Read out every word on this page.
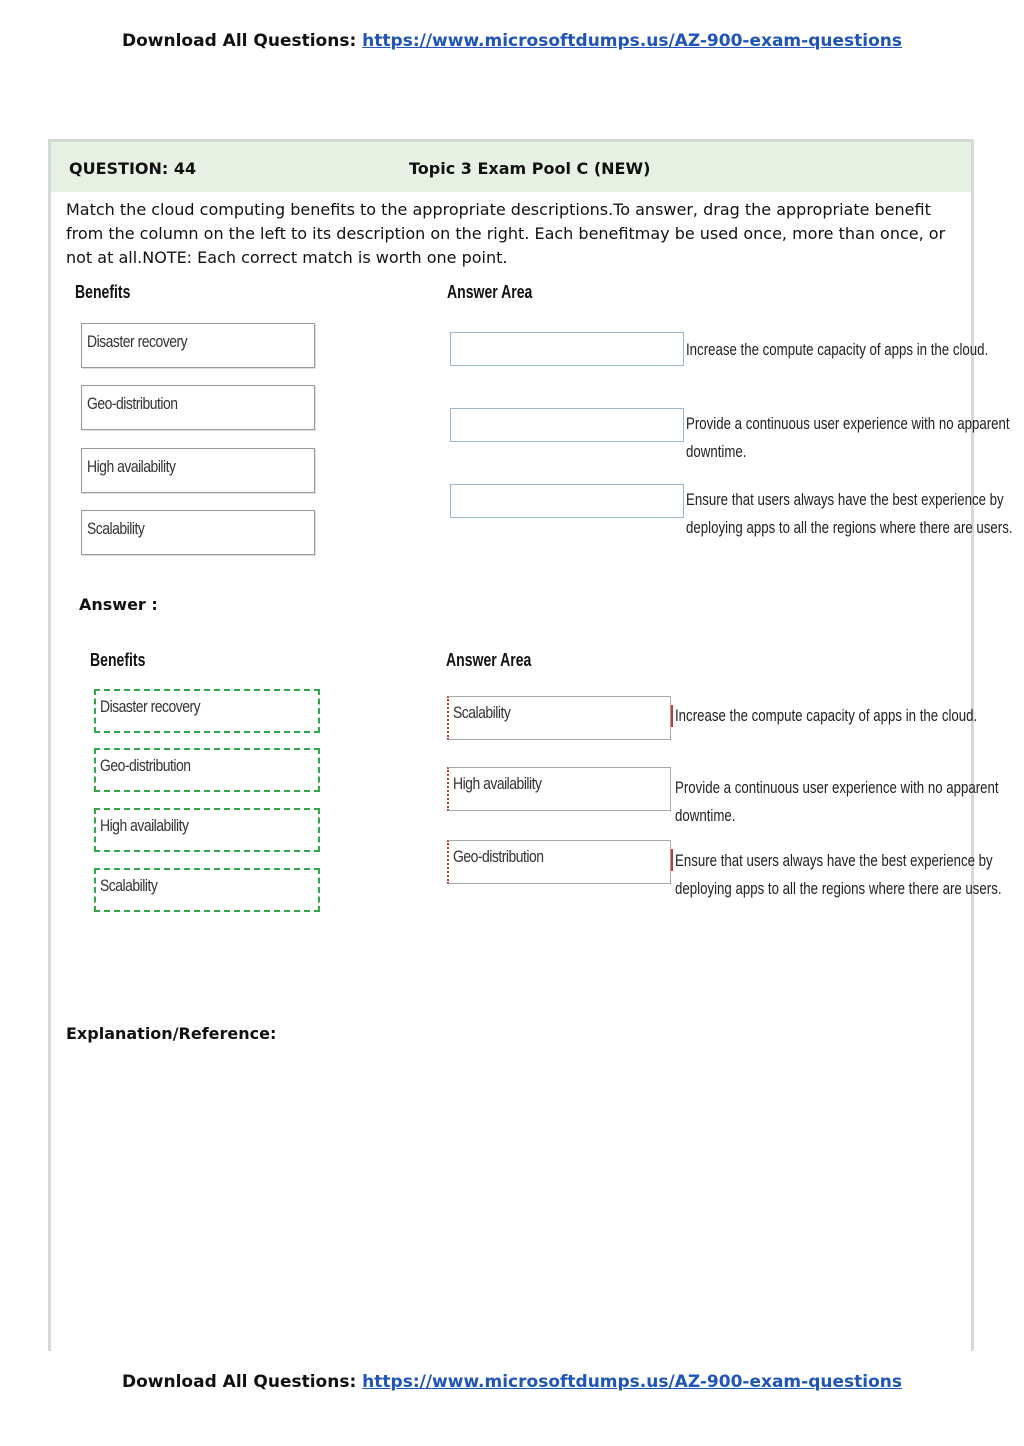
Download All Questions: https://www.microsoftdumps.us/AZ-900-exam-questions
QUESTION: 44	Topic 3 Exam Pool C (NEW)
Match the cloud computing benefits to the appropriate descriptions.To answer, drag the appropriate benefit from the column on the left to its description on the right. Each benefitmay be used once, more than once, or not at all.NOTE: Each correct match is worth one point.
Benefits	Answer Area
Disaster recovery
Geo-distribution
High availability
Scalability
Increase the compute capacity of apps in the cloud.
Provide a continuous user experience with no apparent
downtime.
Ensure that users always have the best experience by
deploying apps to all the regions where there are users.
Answer :
Benefits	Answer Area
Disaster recovery
Geo-distribution
High availability
Scalability
Scalability	Increase the compute capacity of apps in the cloud.
High availability	Provide a continuous user experience with no apparent
downtime.
Geo-distribution	Ensure that users always have the best experience by
deploying apps to all the regions where there are users.
Explanation/Reference:
Download All Questions: https://www.microsoftdumps.us/AZ-900-exam-questions
